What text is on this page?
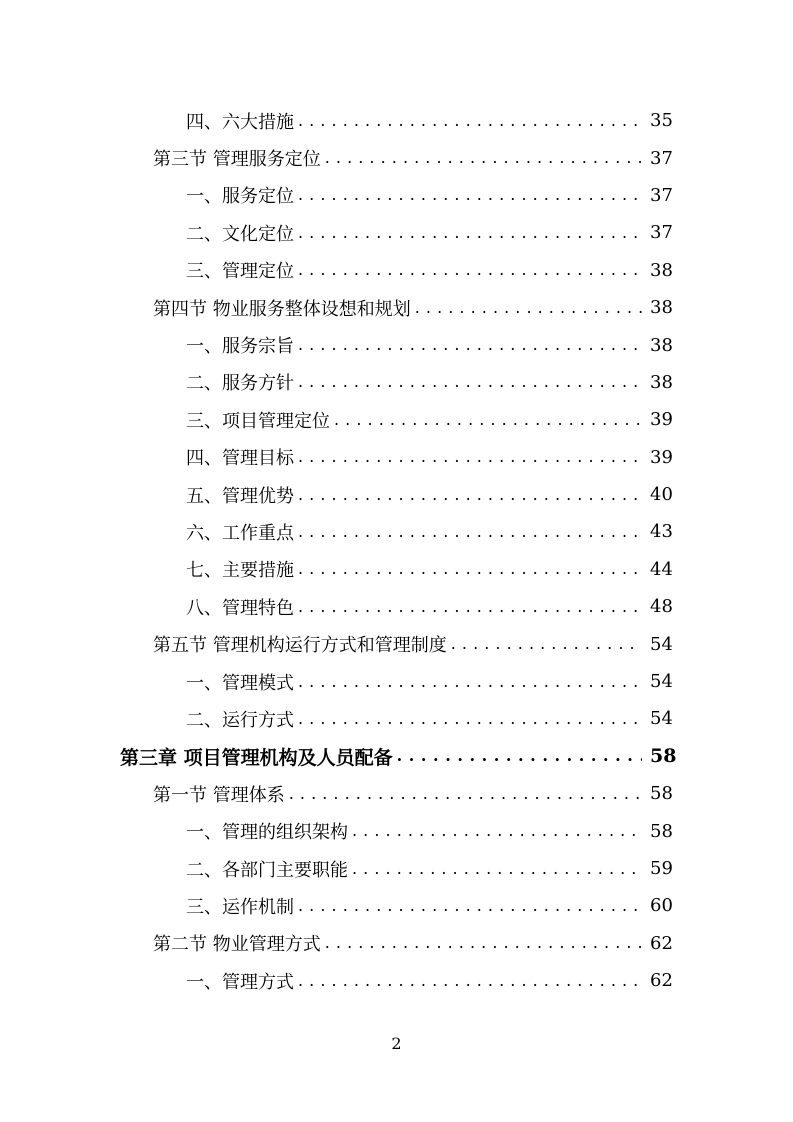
四、六大措施 . . .	35
第三节 管理服务定位 . . .	37
一、服务定位 . . .	37
二、文化定位 . . .	37
三、管理定位 . . .	38
第四节 物业服务整体设想和规划 . . .	38
一、服务宗旨 . . .	38
二、服务方针 . . .	38
三、项目管理定位 . . .	39
四、管理目标 . . .	39
五、管理优势 . . .	40
六、工作重点 . . .	43
七、主要措施 . . .	44
八、管理特色 . . .	48
第五节 管理机构运行方式和管理制度 . . .	54
一、管理模式 . . .	54
二、运行方式 . . .	54
第三章 项目管理机构及人员配备 . . .	58
第一节 管理体系 . . .	58
一、管理的组织架构 . . .	58
二、各部门主要职能 . . .	59
三、运作机制 . . .	60
第二节 物业管理方式 . . .	62
一、管理方式 . . .	62
2
